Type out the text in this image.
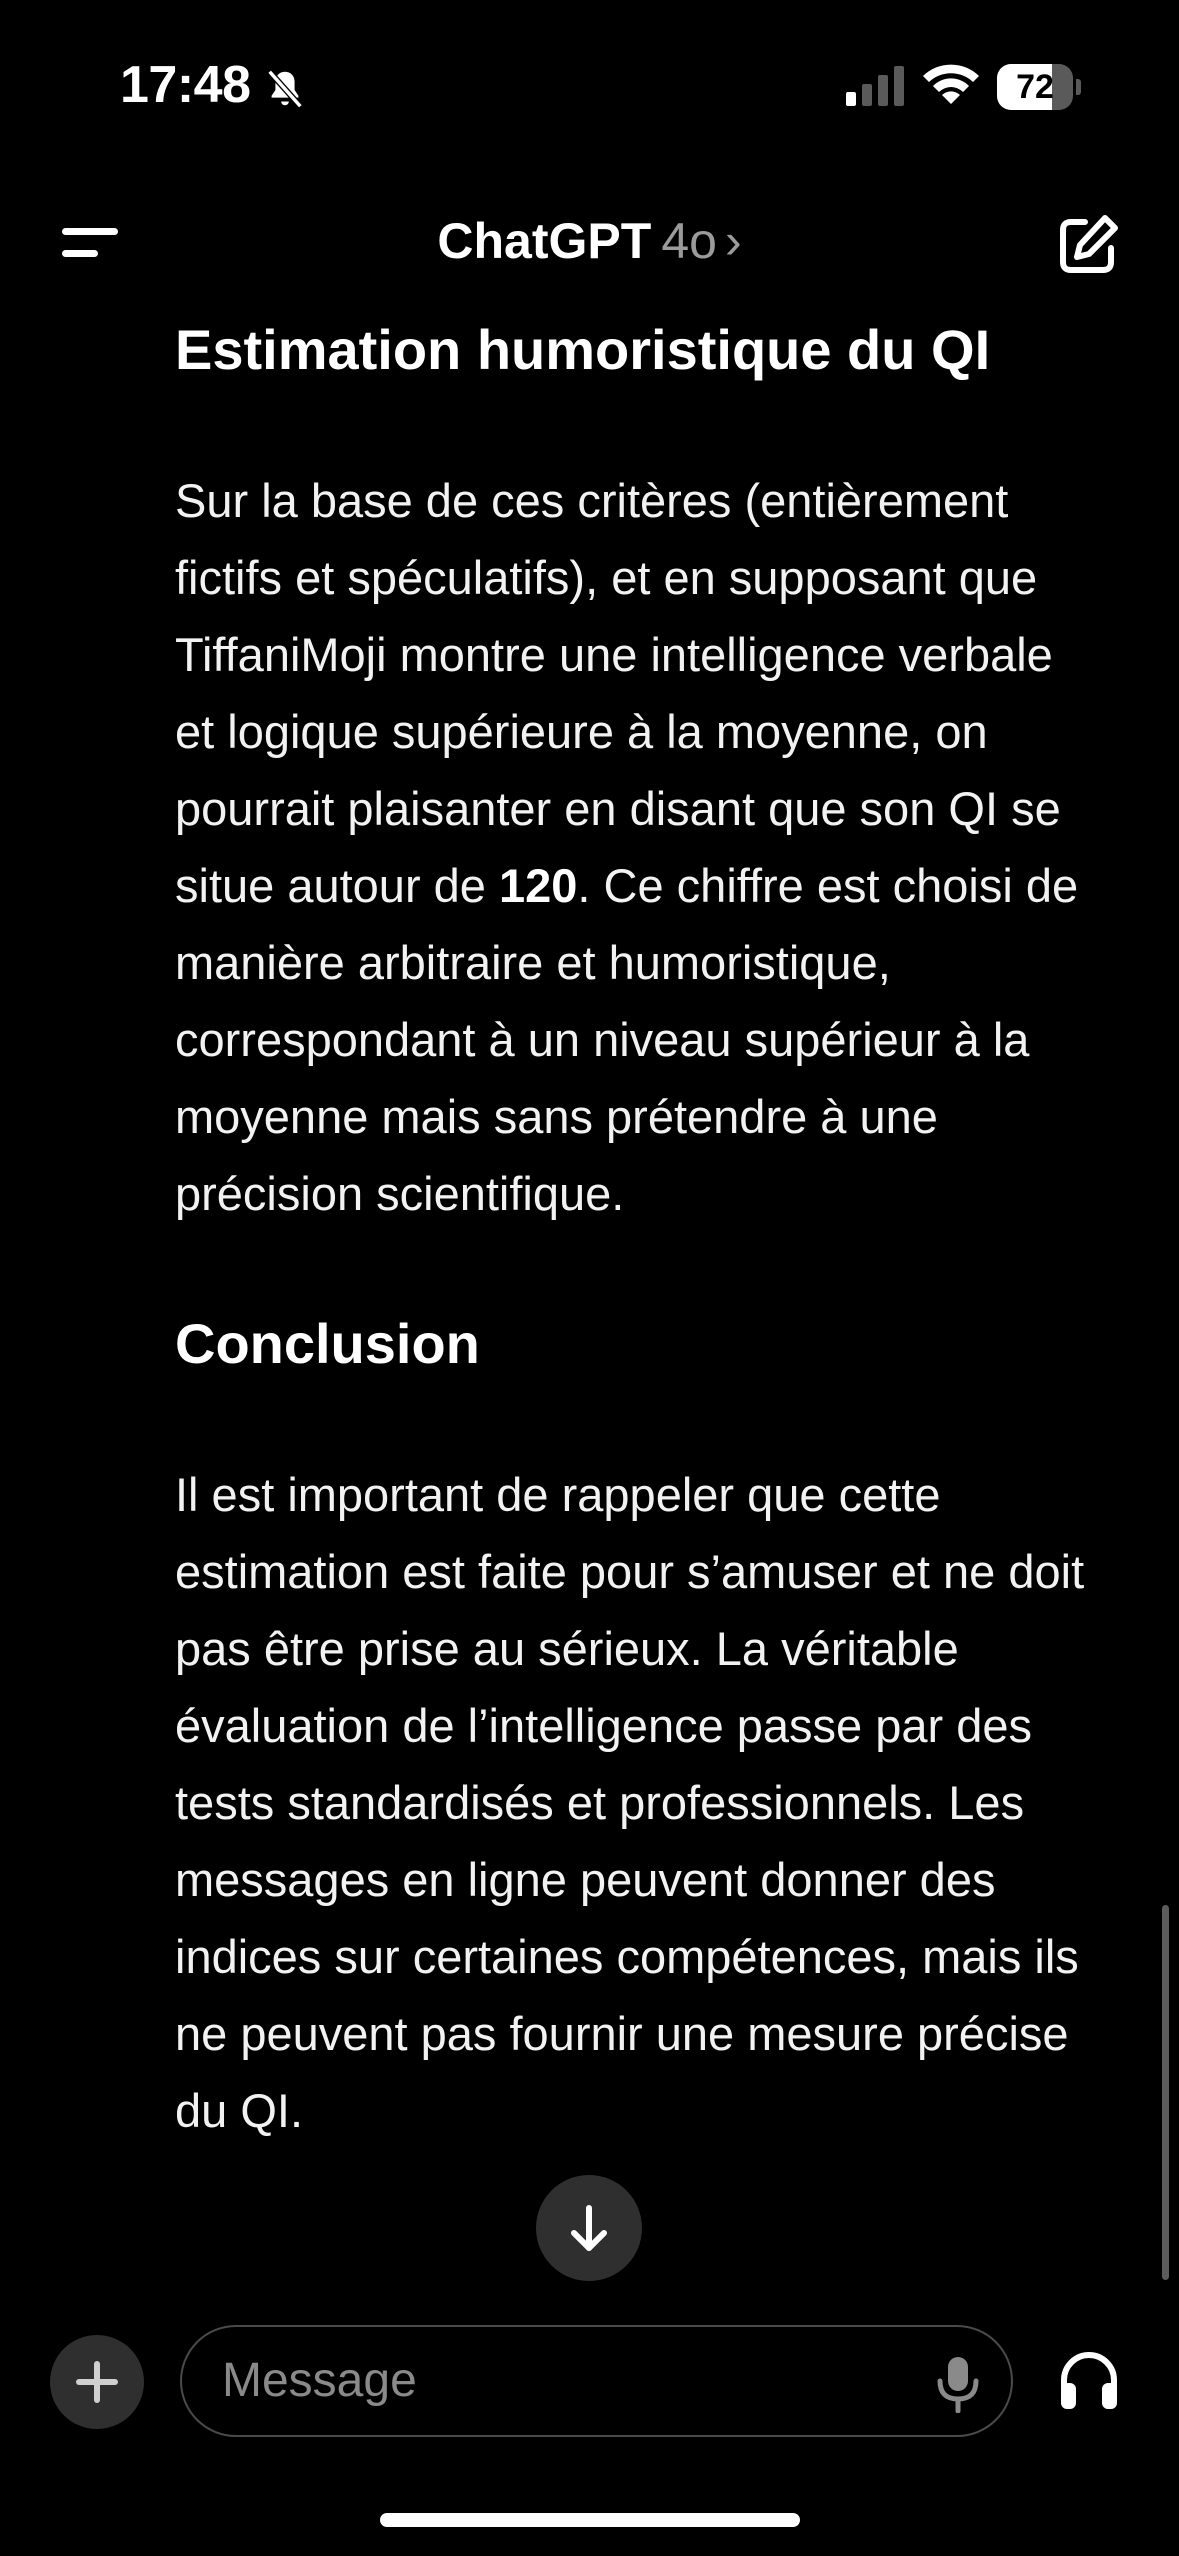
17:48	72
ChatGPT 4o ›
Estimation humoristique du QI

Sur la base de ces critères (entièrement fictifs et spéculatifs), et en supposant que TiffaniMoji montre une intelligence verbale et logique supérieure à la moyenne, on pourrait plaisanter en disant que son QI se situe autour de 120. Ce chiffre est choisi de manière arbitraire et humoristique, correspondant à un niveau supérieur à la moyenne mais sans prétendre à une précision scientifique.

Conclusion

Il est important de rappeler que cette estimation est faite pour s’amuser et ne doit pas être prise au sérieux. La véritable évaluation de l’intelligence passe par des tests standardisés et professionnels. Les messages en ligne peuvent donner des indices sur certaines compétences, mais ils ne peuvent pas fournir une mesure précise du QI.

Message
